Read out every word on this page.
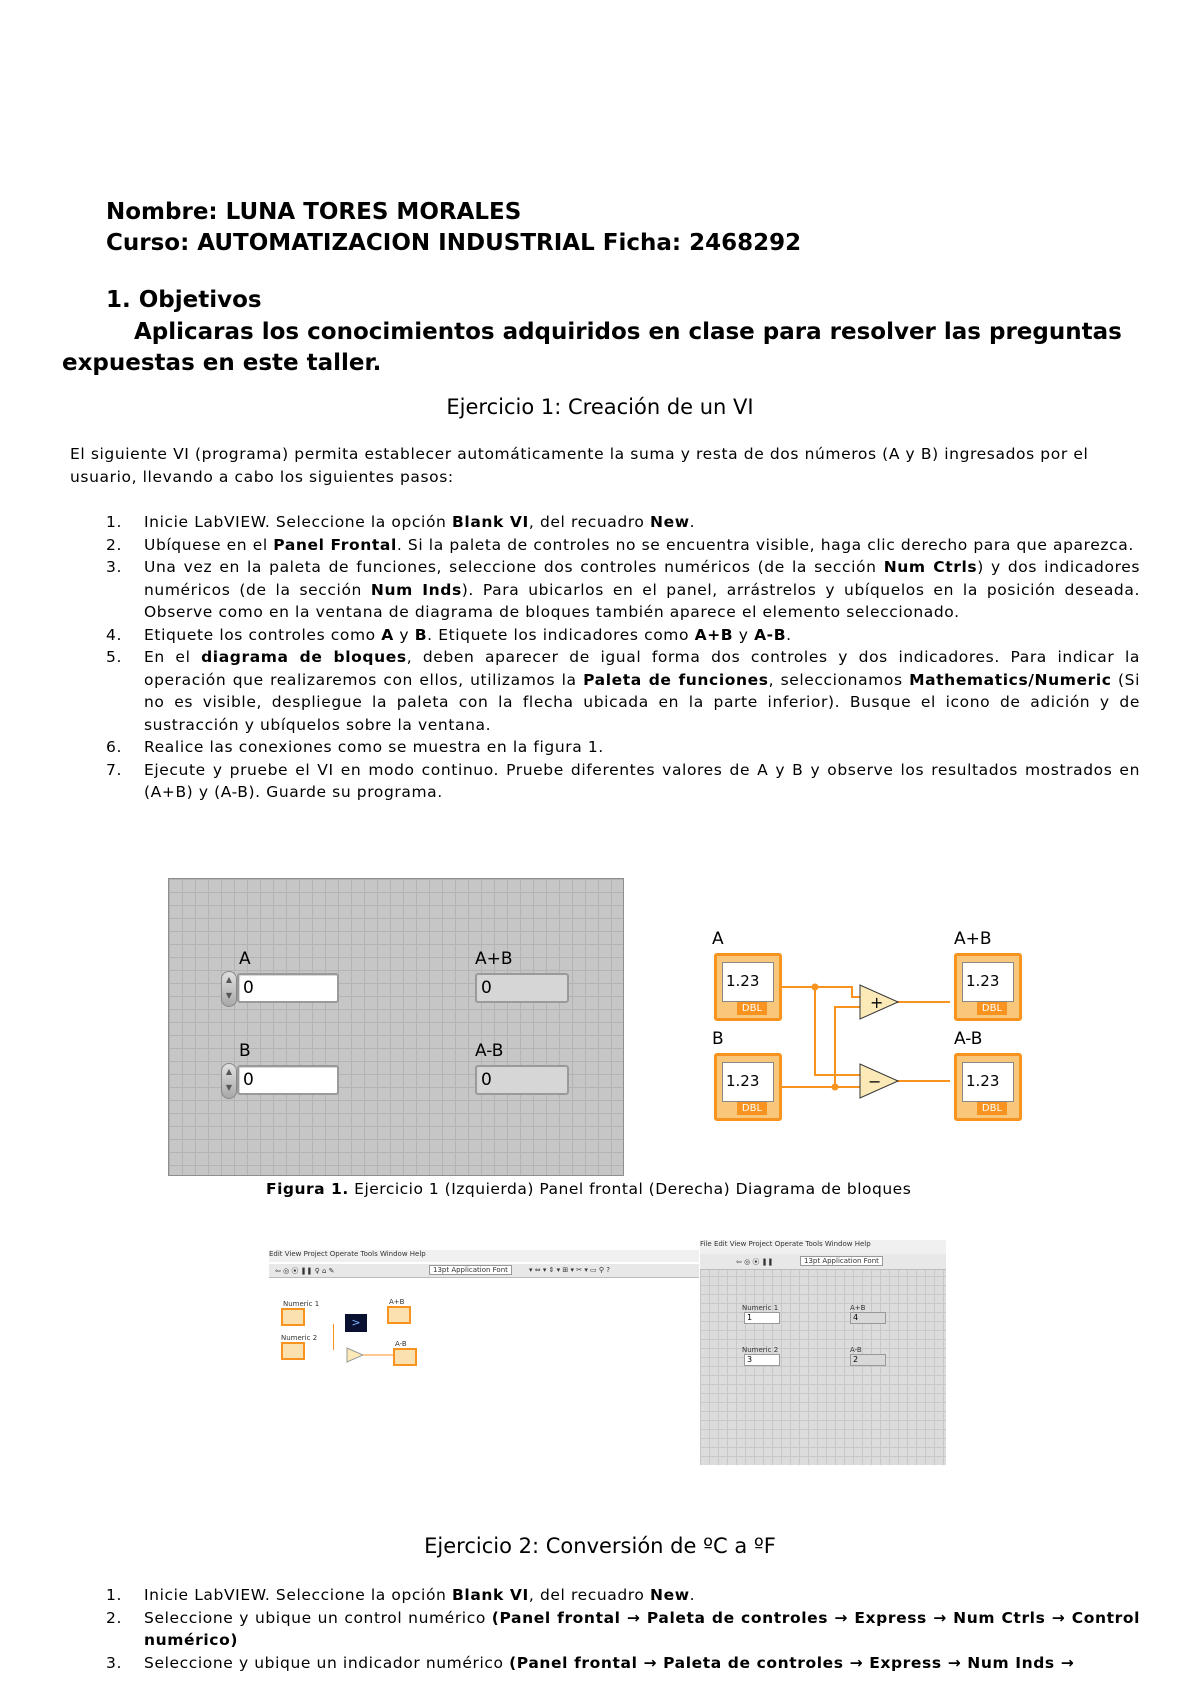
Nombre: LUNA TORES MORALES
Curso: AUTOMATIZACION INDUSTRIAL Ficha: 2468292
1. Objetivos
Aplicaras los conocimientos adquiridos en clase para resolver las preguntas
expuestas en este taller.
Ejercicio 1: Creación de un VI
El siguiente VI (programa) permita establecer automáticamente la suma y resta de dos números (A y B) ingresados por el usuario, llevando a cabo los siguientes pasos:
1. Inicie LabVIEW. Seleccione la opción Blank VI, del recuadro New.
2. Ubíquese en el Panel Frontal. Si la paleta de controles no se encuentra visible, haga clic derecho para que aparezca.
3. Una vez en la paleta de funciones, seleccione dos controles numéricos (de la sección Num Ctrls) y dos indicadores numéricos (de la sección Num Inds). Para ubicarlos en el panel, arrástrelos y ubíquelos en la posición deseada. Observe como en la ventana de diagrama de bloques también aparece el elemento seleccionado.
4. Etiquete los controles como A y B. Etiquete los indicadores como A+B y A-B.
5. En el diagrama de bloques, deben aparecer de igual forma dos controles y dos indicadores. Para indicar la operación que realizaremos con ellos, utilizamos la Paleta de funciones, seleccionamos Mathematics/Numeric (Si no es visible, despliegue la paleta con la flecha ubicada en la parte inferior). Busque el icono de adición y de sustracción y ubíquelos sobre la ventana.
6. Realice las conexiones como se muestra en la figura 1.
7. Ejecute y pruebe el VI en modo continuo. Pruebe diferentes valores de A y B y observe los resultados mostrados en (A+B) y (A-B). Guarde su programa.
A
▲
▼ 0
B
▲
▼ 0
A+B
0
A-B
0
+
−
A
1.23
DBL
B
1.23
DBL
A+B
1.23
DBL
A-B
1.23
DBL
Figura 1. Ejercicio 1 (Izquierda) Panel frontal (Derecha) Diagrama de bloques
Edit View Project Operate Tools Window Help
⇦ ◎ ⦿ ❚❚ ♀ ⌂ ✎	13pt Application Font	▾ ⇔ ▾ ⇕ ▾ ⊞ ▾ ✂ ▾ ▭ ⚲ ?
Numeric 1
Numeric 2
>
A+B
A-B
File Edit View Project Operate Tools Window Help
⇦ ◎ ⦿ ❚❚	13pt Application Font
Numeric 1
1
Numeric 2
3
A+B
4
A-B
2
Ejercicio 2: Conversión de ºC a ºF
1. Inicie LabVIEW. Seleccione la opción Blank VI, del recuadro New.
2. Seleccione y ubique un control numérico (Panel frontal → Paleta de controles → Express → Num Ctrls → Control numérico)
3. Seleccione y ubique un indicador numérico (Panel frontal → Paleta de controles → Express → Num Inds →
